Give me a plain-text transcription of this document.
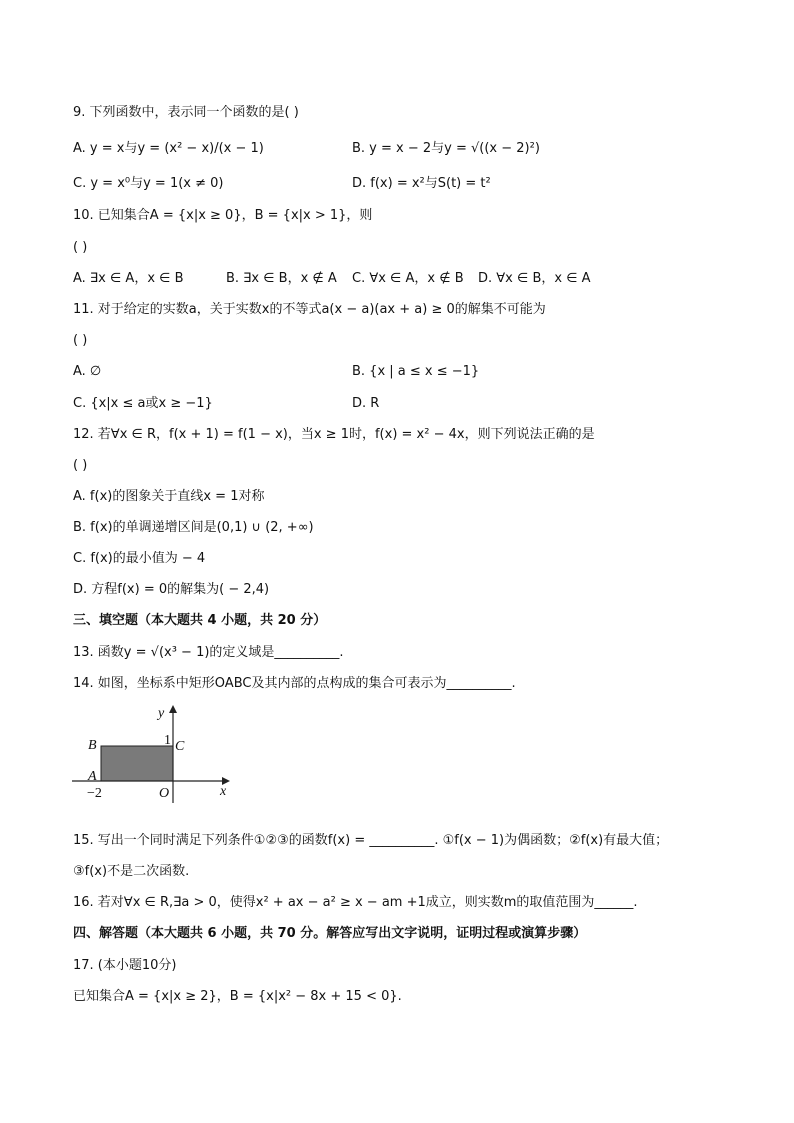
9. 下列函数中，表示同一个函数的是( )
A. y = x与y = (x² − x)/(x − 1)	B. y = x − 2与y = √((x − 2)²)
C. y = x⁰与y = 1(x ≠ 0)	D. f(x) = x²与S(t) = t²
10. 已知集合A = {x|x ≥ 0}，B = {x|x > 1}，则
( )
A. ∃x ∈ A，x ∈ B	B. ∃x ∈ B，x ∉ A C. ∀x ∈ A，x ∉ B D. ∀x ∈ B，x ∈ A
11. 对于给定的实数a，关于实数x的不等式a(x − a)(ax + a) ≥ 0的解集不可能为
( )
A. ∅	B. {x | a ≤ x ≤ −1}
C. {x|x ≤ a或x ≥ −1}	D. R
12. 若∀x ∈ R，f(x + 1) = f(1 − x)，当x ≥ 1时，f(x) = x² − 4x，则下列说法正确的是
( )
A. f(x)的图象关于直线x = 1对称
B. f(x)的单调递增区间是(0,1) ∪ (2, +∞)
C. f(x)的最小值为 − 4
D. 方程f(x) = 0的解集为( − 2,4)
三、填空题（本大题共 4 小题，共 20 分）
13. 函数y = √(x³ − 1)的定义域是__________.
14. 如图，坐标系中矩形OABC及其内部的点构成的集合可表示为__________.
y
x
B	C
A
O
1
−2
15. 写出一个同时满足下列条件①②③的函数f(x) = __________. ①f(x − 1)为偶函数；②f(x)有最大值；
③f(x)不是二次函数.
16. 若对∀x ∈ R,∃a > 0，使得x² + ax − a² ≥ x − am +1成立，则实数m的取值范围为______.
四、解答题（本大题共 6 小题，共 70 分。解答应写出文字说明，证明过程或演算步骤）
17. (本小题10分)
已知集合A = {x|x ≥ 2}，B = {x|x² − 8x + 15 < 0}.
